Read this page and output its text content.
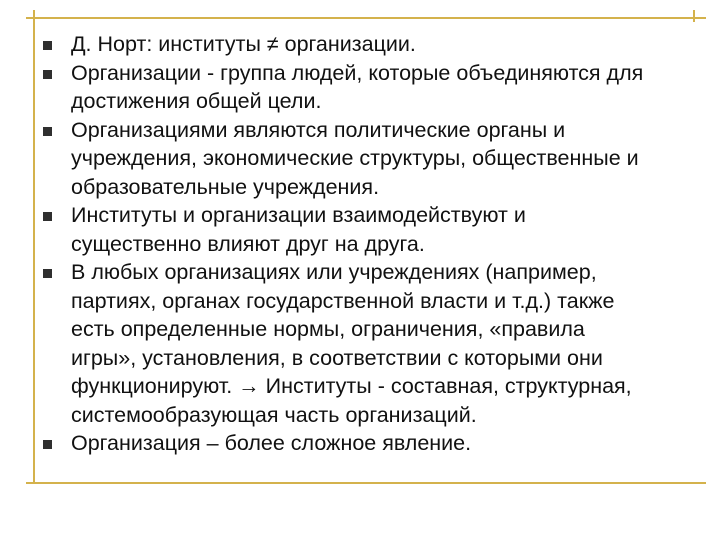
Д. Норт: институты ≠ организации.
Организации - группа людей, которые объединяются для
достижения общей цели.
Организациями являются политические органы и
учреждения, экономические структуры, общественные и
образовательные учреждения.
Институты и организации взаимодействуют и
существенно влияют друг на друга.
В любых организациях или учреждениях (например,
партиях, органах государственной власти и т.д.) также
есть определенные нормы, ограничения, «правила
игры», установления, в соответствии с которыми они
функционируют. → Институты - составная, структурная,
системообразующая часть организаций.
Организация – более сложное явление.
